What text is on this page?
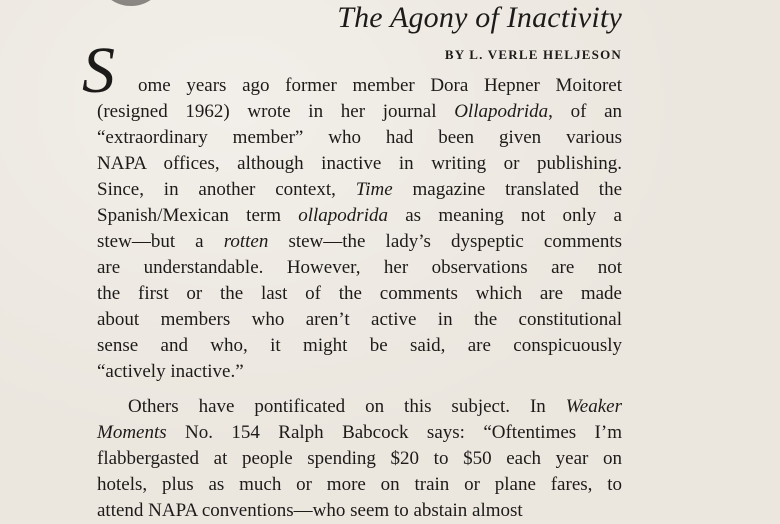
The Agony of Inactivity
BY L. VERLE HELJESON
S ome years ago former member Dora Hepner Moitoret
(resigned 1962) wrote in her journal Ollapodrida, of an
“extraordinary member” who had been given various
NAPA offices, although inactive in writing or publishing.
Since, in another context, Time magazine translated the
Spanish/Mexican term ollapodrida as meaning not only a
stew—but a rotten stew—the lady’s dyspeptic comments
are understandable. However, her observations are not
the first or the last of the comments which are made
about members who aren’t active in the constitutional
sense and who, it might be said, are conspicuously
“actively inactive.”
Others have pontificated on this subject. In Weaker
Moments No. 154 Ralph Babcock says: “Oftentimes I’m
flabbergasted at people spending $20 to $50 each year on
hotels, plus as much or more on train or plane fares, to
attend NAPA conventions—who seem to abstain almost
